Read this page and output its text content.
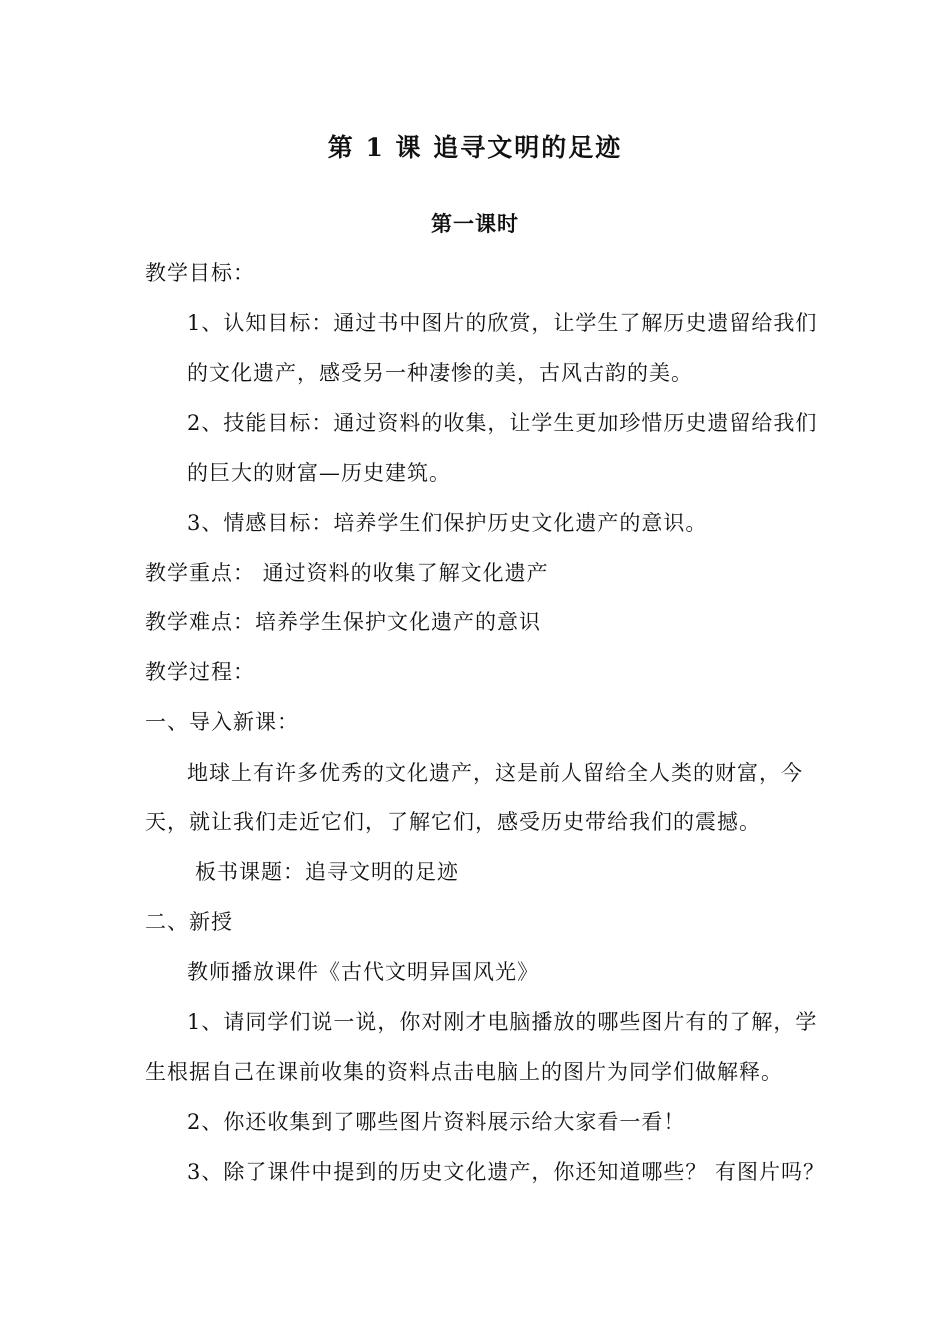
第 1 课 追寻文明的足迹
第一课时
教学目标：
1、认知目标：通过书中图片的欣赏，让学生了解历史遗留给我们
的文化遗产，感受另一种凄惨的美，古风古韵的美。
2、技能目标：通过资料的收集，让学生更加珍惜历史遗留给我们
的巨大的财富—历史建筑。
3、情感目标：培养学生们保护历史文化遗产的意识。
教学重点： 通过资料的收集了解文化遗产
教学难点：培养学生保护文化遗产的意识
教学过程：
一、导入新课：
地球上有许多优秀的文化遗产，这是前人留给全人类的财富，今
天，就让我们走近它们，了解它们，感受历史带给我们的震撼。
板书课题：追寻文明的足迹
二、新授
教师播放课件《古代文明异国风光》
1、请同学们说一说，你对刚才电脑播放的哪些图片有的了解，学
生根据自己在课前收集的资料点击电脑上的图片为同学们做解释。
2、你还收集到了哪些图片资料展示给大家看一看！
3、除了课件中提到的历史文化遗产，你还知道哪些？ 有图片吗？
